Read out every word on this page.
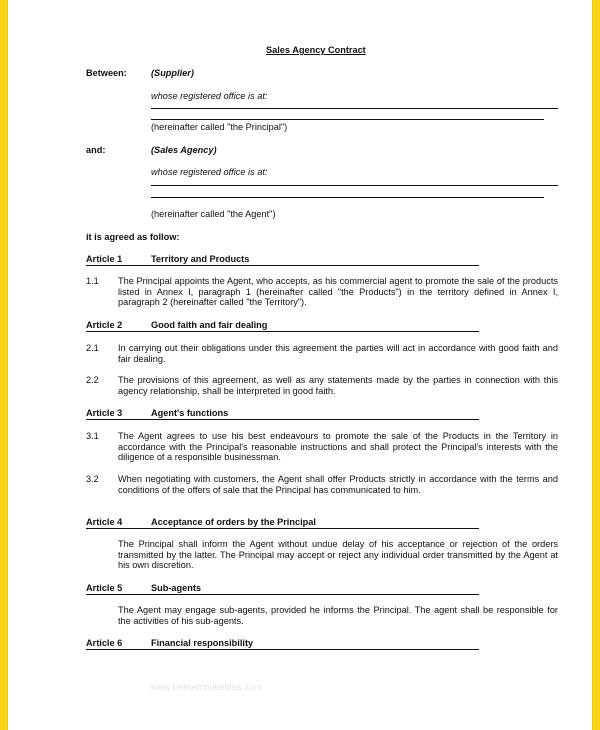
Sales Agency Contract
Between:	(Supplier)
whose registered office is at:
(hereinafter called "the Principal")
and:	(Sales Agency)
whose registered office is at:
(hereinafter called "the Agent")
it is agreed as follow:
Article 1	Territory and Products
1.1 The Principal appoints the Agent, who accepts, as his commercial agent to promote the sale of the products listed in Annex I, paragraph 1 (hereinafter called "the Products") in the territory defined in Annex I, paragraph 2 (hereinafter called "the Territory").
Article 2	Good faith and fair dealing
2.1 In carrying out their obligations under this agreement the parties will act in accordance with good faith and fair dealing.
2.2 The provisions of this agreement, as well as any statements made by the parties in connection with this agency relationship, shall be interpreted in good faith.
Article 3	Agent's functions
3.1 The Agent agrees to use his best endeavours to promote the sale of the Products in the Territory in accordance with the Principal's reasonable instructions and shall protect the Principal's interests with the diligence of a responsible businessman.
3.2 When negotiating with customers, the Agent shall offer Products strictly in accordance with the terms and conditions of the offers of sale that the Principal has communicated to him.
Article 4	Acceptance of orders by the Principal
The Principal shall inform the Agent without undue delay of his acceptance or rejection of the orders transmitted by the latter. The Principal may accept or reject any individual order transmitted by the Agent at his own discretion.
Article 5	Sub-agents
The Agent may engage sub-agents, provided he informs the Principal. The agent shall be responsible for the activities of his sub-agents.
Article 6	Financial responsibility
www.freetemplatefiles.com
